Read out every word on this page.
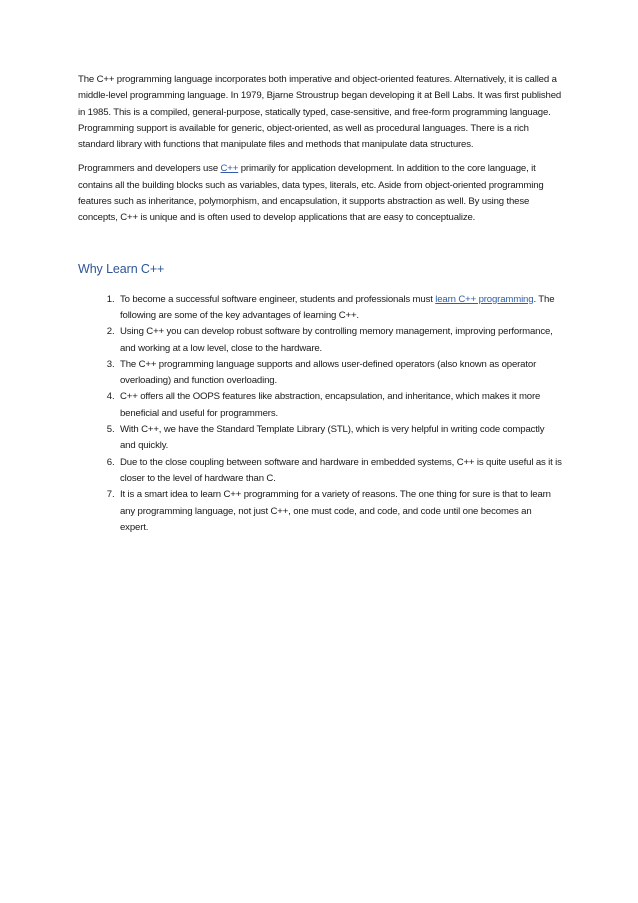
The C++ programming language incorporates both imperative and object-oriented features. Alternatively, it is called a middle-level programming language. In 1979, Bjarne Stroustrup began developing it at Bell Labs. It was first published in 1985. This is a compiled, general-purpose, statically typed, case-sensitive, and free-form programming language. Programming support is available for generic, object-oriented, as well as procedural languages. There is a rich standard library with functions that manipulate files and methods that manipulate data structures.

Programmers and developers use C++ primarily for application development. In addition to the core language, it contains all the building blocks such as variables, data types, literals, etc. Aside from object-oriented programming features such as inheritance, polymorphism, and encapsulation, it supports abstraction as well. By using these concepts, C++ is unique and is often used to develop applications that are easy to conceptualize.

Why Learn C++
1. To become a successful software engineer, students and professionals must learn C++ programming. The following are some of the key advantages of learning C++.
2. Using C++ you can develop robust software by controlling memory management, improving performance, and working at a low level, close to the hardware.
3. The C++ programming language supports and allows user-defined operators (also known as operator overloading) and function overloading.
4. C++ offers all the OOPS features like abstraction, encapsulation, and inheritance, which makes it more beneficial and useful for programmers.
5. With C++, we have the Standard Template Library (STL), which is very helpful in writing code compactly and quickly.
6. Due to the close coupling between software and hardware in embedded systems, C++ is quite useful as it is closer to the level of hardware than C.
7. It is a smart idea to learn C++ programming for a variety of reasons. The one thing for sure is that to learn any programming language, not just C++, one must code, and code, and code until one becomes an expert.
